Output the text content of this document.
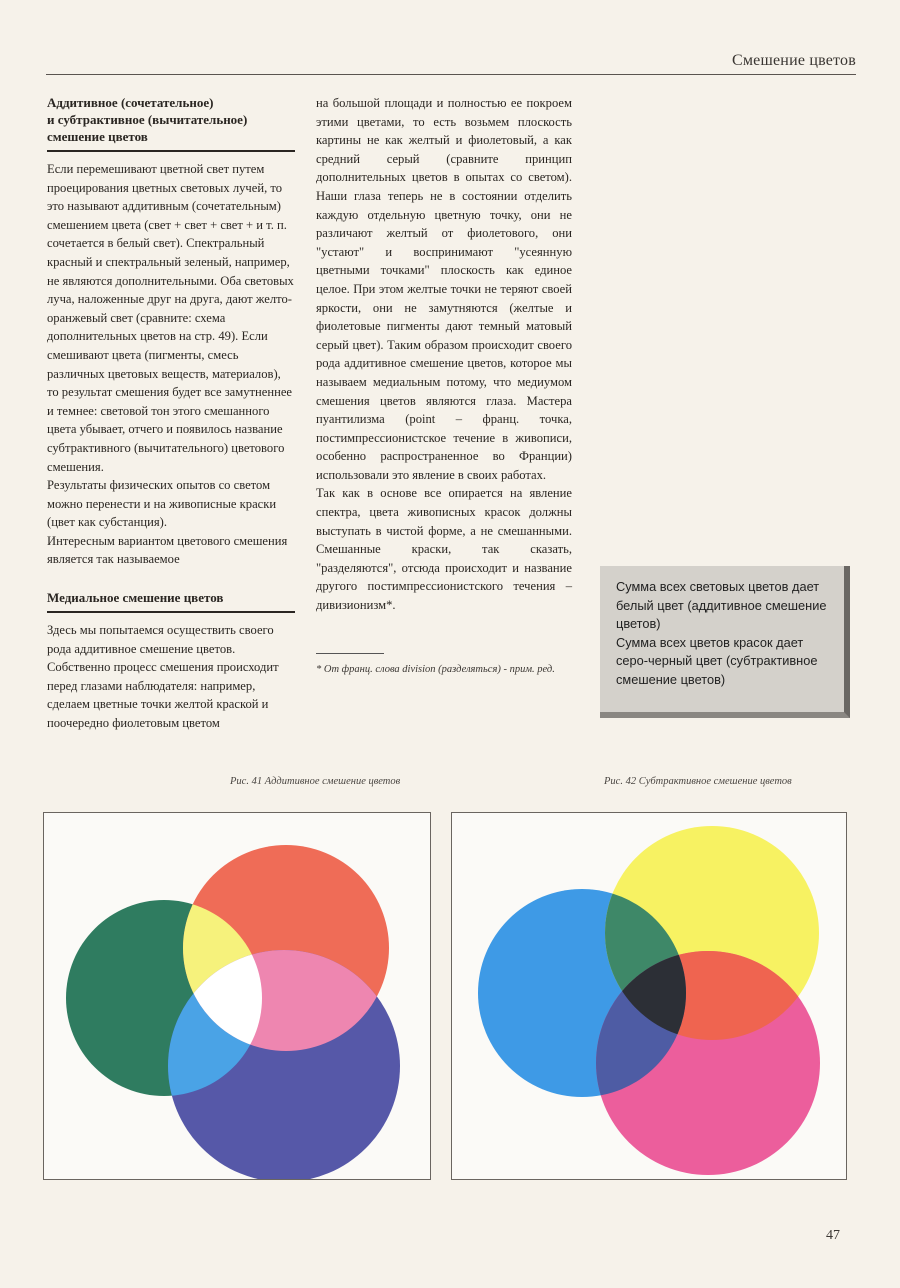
Смешение цветов
Аддитивное (сочетательное)
и субтрактивное (вычитательное)
смешение цветов

Если перемешивают цветной свет путем проецирования цветных световых лучей, то это называют аддитивным (сочетательным) смешением цвета (свет + свет + свет + и т. п. сочетается в белый свет). Спектральный красный и спектральный зеленый, например, не являются дополнительными. Оба световых луча, наложенные друг на друга, дают желто-оранжевый свет (сравните: схема дополнительных цветов на стр. 49). Если смешивают цвета (пигменты, смесь различных цветовых веществ, материалов), то результат смешения будет все замутненнее и темнее: световой тон этого смешанного цвета убывает, отчего и появилось название субтрактивного (вычитательного) цветового смешения.

Результаты физических опытов со светом можно перенести и на живописные краски (цвет как субстанция).

Интересным вариантом цветового смешения является так называемое

Медиальное смешение цветов

Здесь мы попытаемся осуществить своего рода аддитивное смешение цветов. Собственно процесс смешения происходит перед глазами наблюдателя: например, сделаем цветные точки желтой краской и поочередно фиолетовым цветом

на большой площади и полностью ее покроем этими цветами, то есть возьмем плоскость картины не как желтый и фиолетовый, а как средний серый (сравните принцип дополнительных цветов в опытах со светом). Наши глаза теперь не в состоянии отделить каждую отдельную цветную точку, они не различают желтый от фиолетового, они "устают" и воспринимают "усеянную цветными точками" плоскость как единое целое. При этом желтые точки не теряют своей яркости, они не замутняются (желтые и фиолетовые пигменты дают темный матовый серый цвет). Таким образом происходит своего рода аддитивное смешение цветов, которое мы называем медиальным потому, что медиумом смешения цветов являются глаза. Мастера пуантилизма (point – франц. точка, постимпрессионистское течение в живописи, особенно распространенное во Франции) использовали это явление в своих работах.

Так как в основе все опирается на явление спектра, цвета живописных красок должны выступать в чистой форме, а не смешанными. Смешанные краски, так сказать, "разделяются", отсюда происходит и название другого постимпрессионистского течения – дивизионизм*.

* От франц. слова division (разделяться) - прим. ред.

Сумма всех световых цветов дает белый цвет (аддитивное смешение цветов)

Сумма всех цветов красок дает серо-черный цвет (субтрактивное смешение цветов)

Рис. 41 Аддитивное смешение цветов	Рис. 42 Субтрактивное смешение цветов
47
